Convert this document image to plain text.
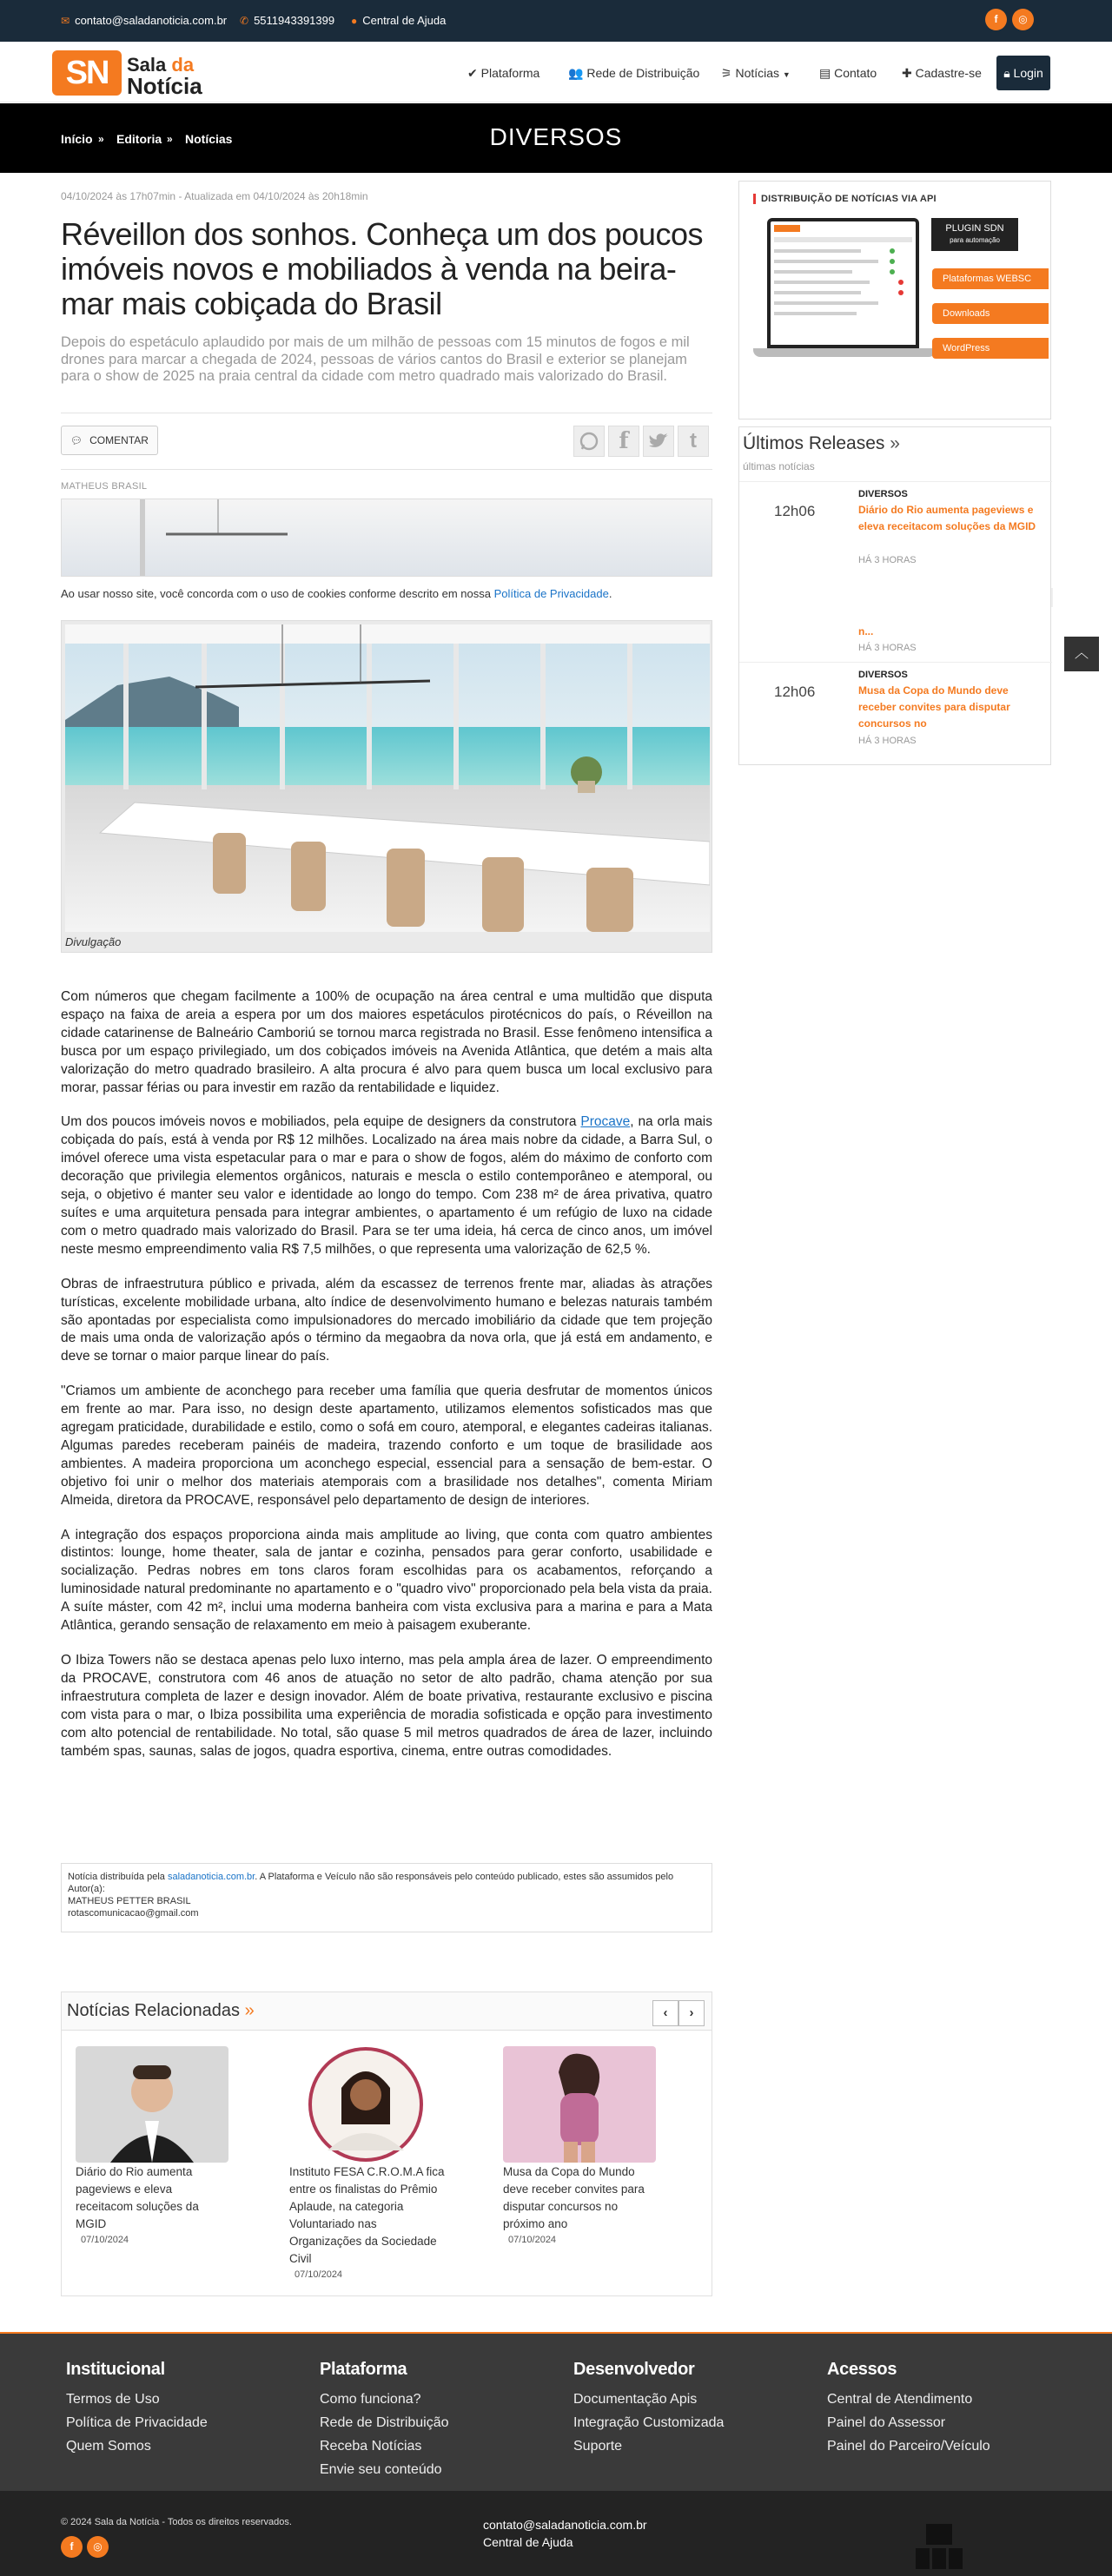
✉ contato@saladanoticia.com.br ✆ 5511943391399 ● Central de Ajuda	f	◎
SN Sala da
Notícia	✔ Plataforma 👥 Rede de Distribuição ⚞ Notícias ▼ ▤ Contato ✚ Cadastre-se	🔒︎ Login
DIVERSOS
Início » Editoria » Notícias
04/10/2024 às 17h07min - Atualizada em 04/10/2024 às 20h18min
Réveillon dos sonhos. Conheça um dos poucos imóveis novos e mobiliados à venda na beira-mar mais cobiçada do Brasil
Depois do espetáculo aplaudido por mais de um milhão de pessoas com 15 minutos de fogos e mil drones para marcar a chegada de 2024, pessoas de vários cantos do Brasil e exterior se planejam para o show de 2025 na praia central da cidade com metro quadrado mais valorizado do Brasil.
💬︎ COMENTAR	f	t
MATHEUS BRASIL
Ao usar nosso site, você concorda com o uso de cookies conforme descrito em nossa Política de Privacidade.
Divulgação

Com números que chegam facilmente a 100% de ocupação na área central e uma multidão que disputa espaço na faixa de areia a espera por um dos maiores espetáculos pirotécnicos do país, o Réveillon na cidade catarinense de Balneário Camboriú se tornou marca registrada no Brasil. Esse fenômeno intensifica a busca por um espaço privilegiado, um dos cobiçados imóveis na Avenida Atlântica, que detém a mais alta valorização do metro quadrado brasileiro. A alta procura é alvo para quem busca um local exclusivo para morar, passar férias ou para investir em razão da rentabilidade e liquidez.

Um dos poucos imóveis novos e mobiliados, pela equipe de designers da construtora Procave, na orla mais cobiçada do país, está à venda por R$ 12 milhões. Localizado na área mais nobre da cidade, a Barra Sul, o imóvel oferece uma vista espetacular para o mar e para o show de fogos, além do máximo de conforto com decoração que privilegia elementos orgânicos, naturais e mescla o estilo contemporâneo e atemporal, ou seja, o objetivo é manter seu valor e identidade ao longo do tempo. Com 238 m² de área privativa, quatro suítes e uma arquitetura pensada para integrar ambientes, o apartamento é um refúgio de luxo na cidade com o metro quadrado mais valorizado do Brasil. Para se ter uma ideia, há cerca de cinco anos, um imóvel neste mesmo empreendimento valia R$ 7,5 milhões, o que representa uma valorização de 62,5 %.

Obras de infraestrutura público e privada, além da escassez de terrenos frente mar, aliadas às atrações turísticas, excelente mobilidade urbana, alto índice de desenvolvimento humano e belezas naturais também são apontadas por especialista como impulsionadores do mercado imobiliário da cidade que tem projeção de mais uma onda de valorização após o término da megaobra da nova orla, que já está em andamento, e deve se tornar o maior parque linear do país.

"Criamos um ambiente de aconchego para receber uma família que queria desfrutar de momentos únicos em frente ao mar. Para isso, no design deste apartamento, utilizamos elementos sofisticados mas que agregam praticidade, durabilidade e estilo, como o sofá em couro, atemporal, e elegantes cadeiras italianas. Algumas paredes receberam painéis de madeira, trazendo conforto e um toque de brasilidade aos ambientes. A madeira proporciona um aconchego especial, essencial para a sensação de bem-estar. O objetivo foi unir o melhor dos materiais atemporais com a brasilidade nos detalhes", comenta Miriam Almeida, diretora da PROCAVE, responsável pelo departamento de design de interiores.

A integração dos espaços proporciona ainda mais amplitude ao living, que conta com quatro ambientes distintos: lounge, home theater, sala de jantar e cozinha, pensados para gerar conforto, usabilidade e socialização. Pedras nobres em tons claros foram escolhidas para os acabamentos, reforçando a luminosidade natural predominante no apartamento e o "quadro vivo" proporcionado pela bela vista da praia. A suíte máster, com 42 m², inclui uma moderna banheira com vista exclusiva para a marina e para a Mata Atlântica, gerando sensação de relaxamento em meio à paisagem exuberante.

O Ibiza Towers não se destaca apenas pelo luxo interno, mas pela ampla área de lazer. O empreendimento da PROCAVE, construtora com 46 anos de atuação no setor de alto padrão, chama atenção por sua infraestrutura completa de lazer e design inovador. Além de boate privativa, restaurante exclusivo e piscina com vista para o mar, o Ibiza possibilita uma experiência de moradia sofisticada e opção para investimento com alto potencial de rentabilidade. No total, são quase 5 mil metros quadrados de área de lazer, incluindo também spas, saunas, salas de jogos, quadra esportiva, cinema, entre outras comodidades.

Notícia distribuída pela saladanoticia.com.br. A Plataforma e Veículo não são responsáveis pelo conteúdo publicado, estes são assumidos pelo Autor(a):
MATHEUS PETTER BRASIL
rotascomunicacao@gmail.com
Notícias Relacionadas »	‹	›
Diário do Rio aumenta pageviews e eleva receitacom soluções da MGID
07/10/2024
Instituto FESA C.R.O.M.A fica entre os finalistas do Prêmio Aplaude, na categoria Voluntariado nas Organizações da Sociedade Civil
07/10/2024
Musa da Copa do Mundo deve receber convites para disputar concursos no próximo ano
07/10/2024
DISTRIBUIÇÃO DE NOTÍCIAS VIA API
PLUGIN SDN
para automação
Plataformas WEBSC
Downloads
WordPress
Últimos Releases »
últimas notícias
12h06
DIVERSOS
Diário do Rio aumenta pageviews e eleva receitacom soluções da MGID
HÁ 3 HORAS
n...
HÁ 3 HORAS
12h06
DIVERSOS
Musa da Copa do Mundo deve receber convites para disputar concursos no
HÁ 3 HORAS
︿
Institucional
Termos de Uso
Política de Privacidade
Quem Somos
Plataforma
Como funciona?
Rede de Distribuição
Receba Notícias
Envie seu conteúdo
Desenvolvedor
Documentação Apis
Integração Customizada
Suporte
Acessos
Central de Atendimento
Painel do Assessor
Painel do Parceiro/Veículo
© 2024 Sala da Notícia - Todos os direitos reservados.
f	◎
contato@saladanoticia.com.br
Central de Ajuda
